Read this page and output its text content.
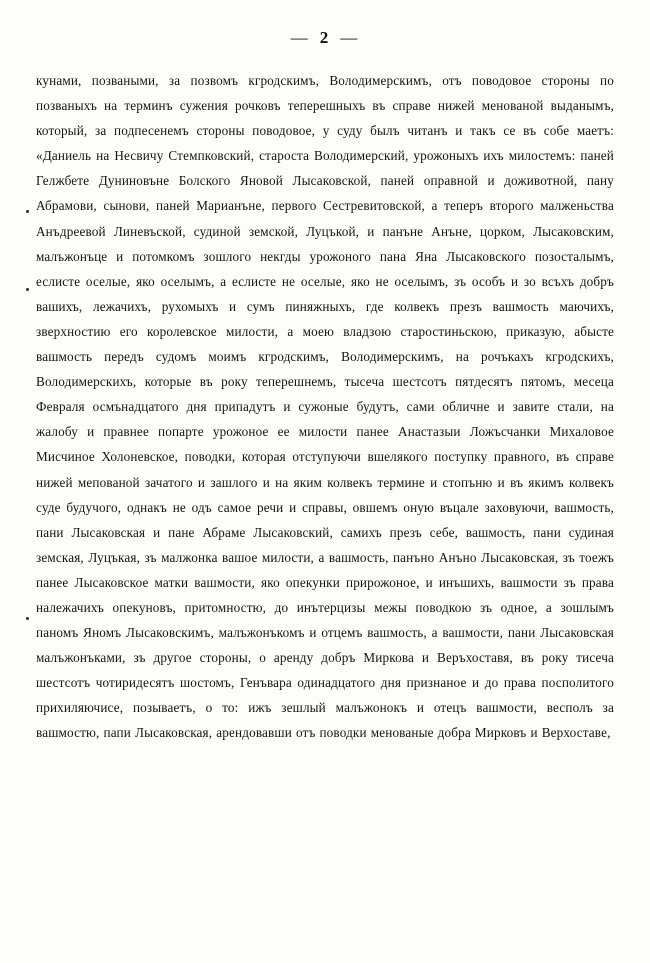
— 2 —

кунами, позваными, за позвомъ кгродскимъ, Володимерскимъ, отъ поводовое стороны по позваныхъ на терминъ сужения рочковъ теперешныхъ въ справе нижей менованой выданымъ, который, за подпесенемъ стороны поводовое, у суду былъ читанъ и такъ се въ собе маетъ: «Даниель на Несвичу Стемпковский, староста Володимерский, урожоныхъ ихъ милостемъ: паней Гелжбете Дуниновъне Болского Яновой Лысаковской, паней оправной и доживотной, пану Абрамови, сынови, паней Марианъне, первого Сестревитовской, а теперъ второго малженьства Анъдреевой Линевъской, судиной земской, Луцъкой, и панъне Анъне, цорком, Лысаковским, малъжонъце и потомкомъ зошлого некгды урожоного пана Яна Лысаковского позосталымъ, еслисте оселые, яко оселымъ, а еслисте не оселые, яко не оселымъ, зъ особъ и зо всъхъ добръ вашихъ, лежачихъ, рухомыхъ и сумъ пиняжныхъ, где колвекъ презъ вашмость маючихъ, зверхностию его королевское милости, а моею владзою старостиньскою, приказую, абысте вашмость передъ судомъ моимъ кгродскимъ, Володимерскимъ, на рочъкахъ кгродскихъ, Володимерскихъ, которые въ року теперешнемъ, тысеча шестсотъ пятдесятъ пятомъ, месеца Февраля осмънадцатого дня припадутъ и сужоные будутъ, сами обличне и завите стали, на жалобу и правнее попарте урожоное ее милости панее Анастазыи Ложъсчанки Михаловое Мисчиное Холоневское, поводки, которая отступуючи вшелякого поступку правного, въ справе нижей мепованой зачатого и зашлого и на яким колвекъ термине и стопъню и въ якимъ колвекъ суде будучого, однакъ не одъ самое речи и справы, овшемъ оную въцале заховуючи, вашмость, пани Лысаковская и пане Абраме Лысаковский, самихъ презъ себе, вашмость, пани судиная земская, Луцъкая, зъ малжонка вашое милости, а вашмость, панъно Анъно Лысаковская, зъ тоежъ панее Лысаковское матки вашмости, яко опекунки прирожоное, и инъшихъ, вашмости зъ права належачихъ опекуновъ, притомностю, до инътерцизы межы поводкою зъ одное, а зошлымъ паномъ Яномъ Лысаковскимъ, малъжонъкомъ и отцемъ вашмость, а вашмости, пани Лысаковская малъжонъками, зъ другое стороны, о аренду добръ Миркова и Веръхоставя, въ року тисеча шестсотъ чотиридесятъ шостомъ, Генъвара одинадцатого дня признаное и до права посполитого прихиляючисе, позываетъ, о то: ижъ зешлый малъжонокъ и отецъ вашмости, весполъ за вашмостю, папи Лысаковская, арендовавши отъ поводки менованые добра Мирковъ и Верхоставе,
